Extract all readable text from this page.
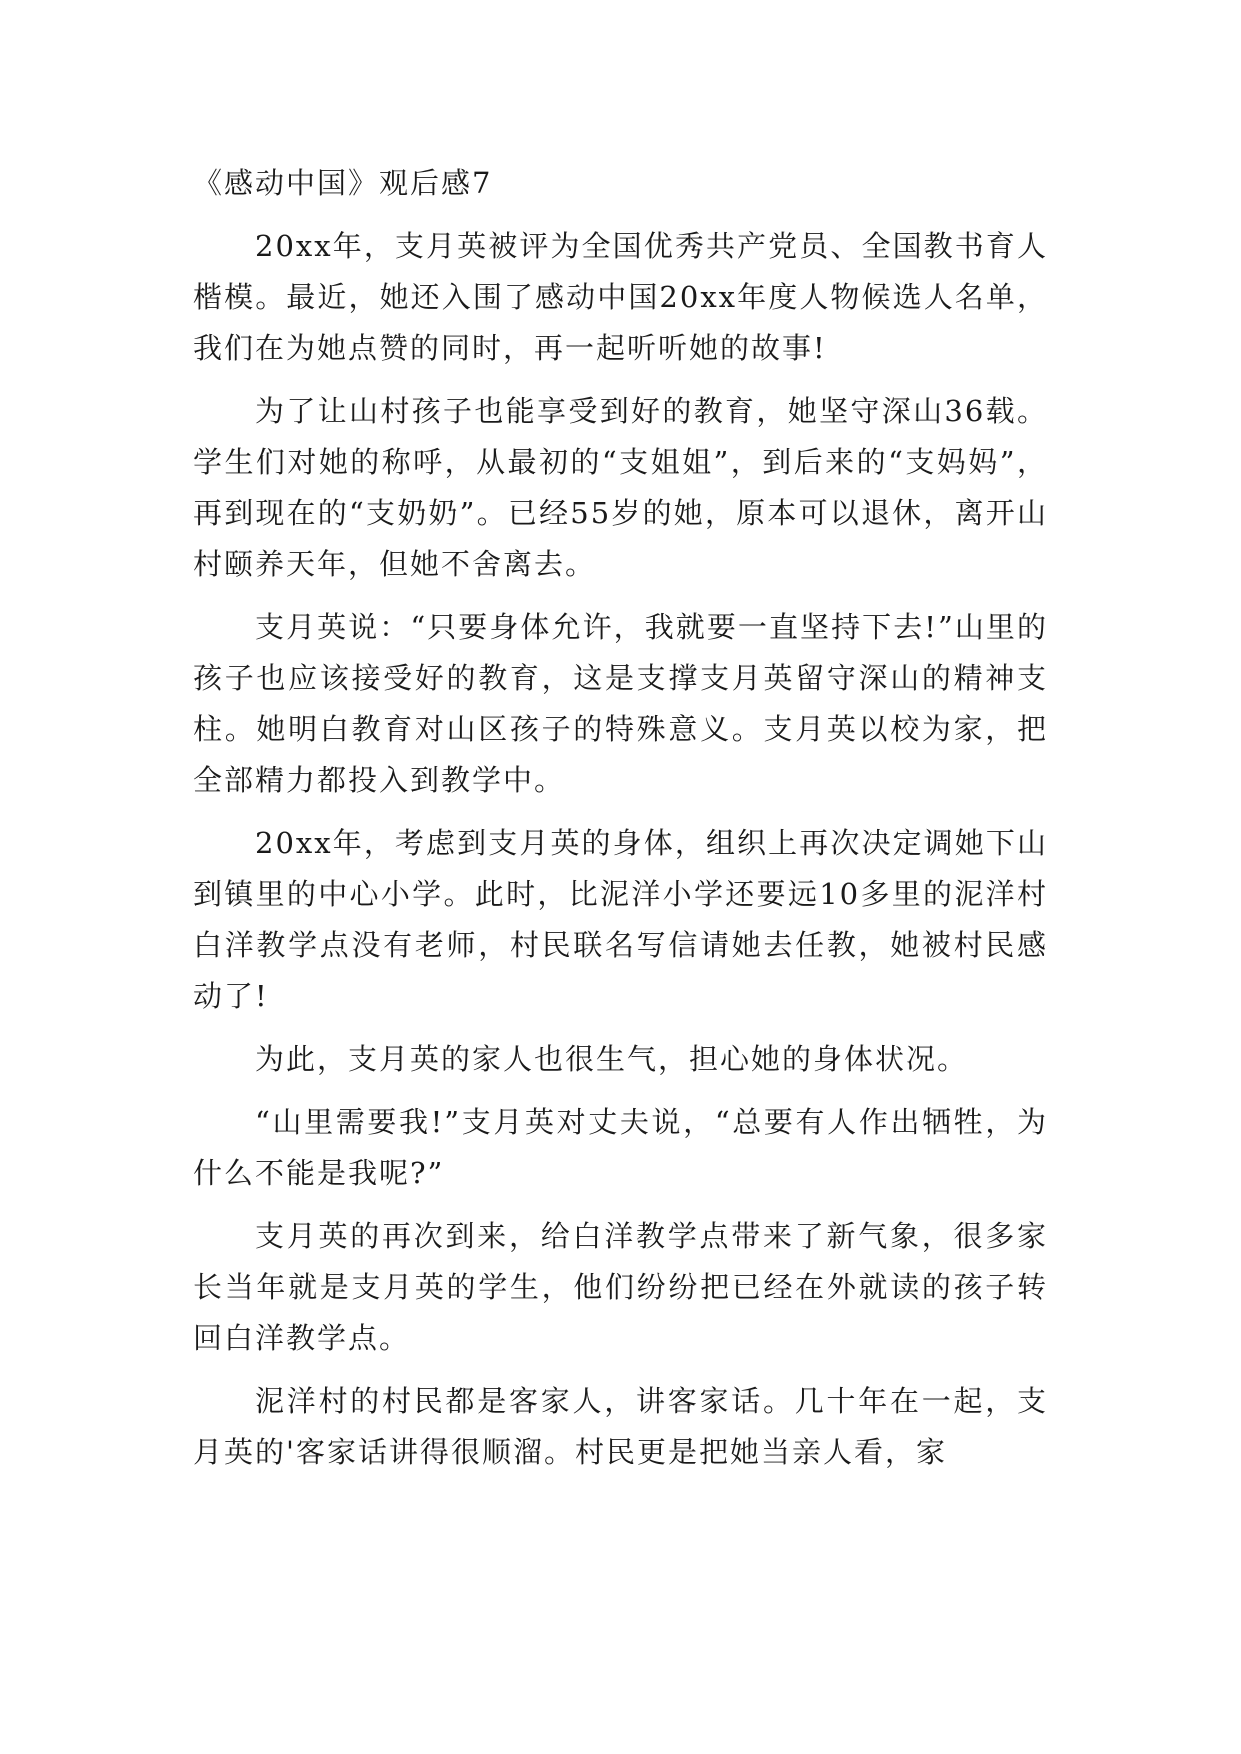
《感动中国》观后感7

20xx年，支月英被评为全国优秀共产党员、全国教书育人楷模。最近，她还入围了感动中国20xx年度人物候选人名单，我们在为她点赞的同时，再一起听听她的故事!

为了让山村孩子也能享受到好的教育，她坚守深山36载。学生们对她的称呼，从最初的“支姐姐”，到后来的“支妈妈”，再到现在的“支奶奶”。已经55岁的她，原本可以退休，离开山村颐养天年，但她不舍离去。

支月英说：“只要身体允许，我就要一直坚持下去!”山里的孩子也应该接受好的教育，这是支撑支月英留守深山的精神支柱。她明白教育对山区孩子的特殊意义。支月英以校为家，把全部精力都投入到教学中。

20xx年，考虑到支月英的身体，组织上再次决定调她下山到镇里的中心小学。此时，比泥洋小学还要远10多里的泥洋村白洋教学点没有老师，村民联名写信请她去任教，她被村民感动了!

为此，支月英的家人也很生气，担心她的身体状况。

“山里需要我!”支月英对丈夫说，“总要有人作出牺牲，为什么不能是我呢?”

支月英的再次到来，给白洋教学点带来了新气象，很多家长当年就是支月英的学生，他们纷纷把已经在外就读的孩子转回白洋教学点。

泥洋村的村民都是客家人，讲客家话。几十年在一起，支月英的'客家话讲得很顺溜。村民更是把她当亲人看，家
